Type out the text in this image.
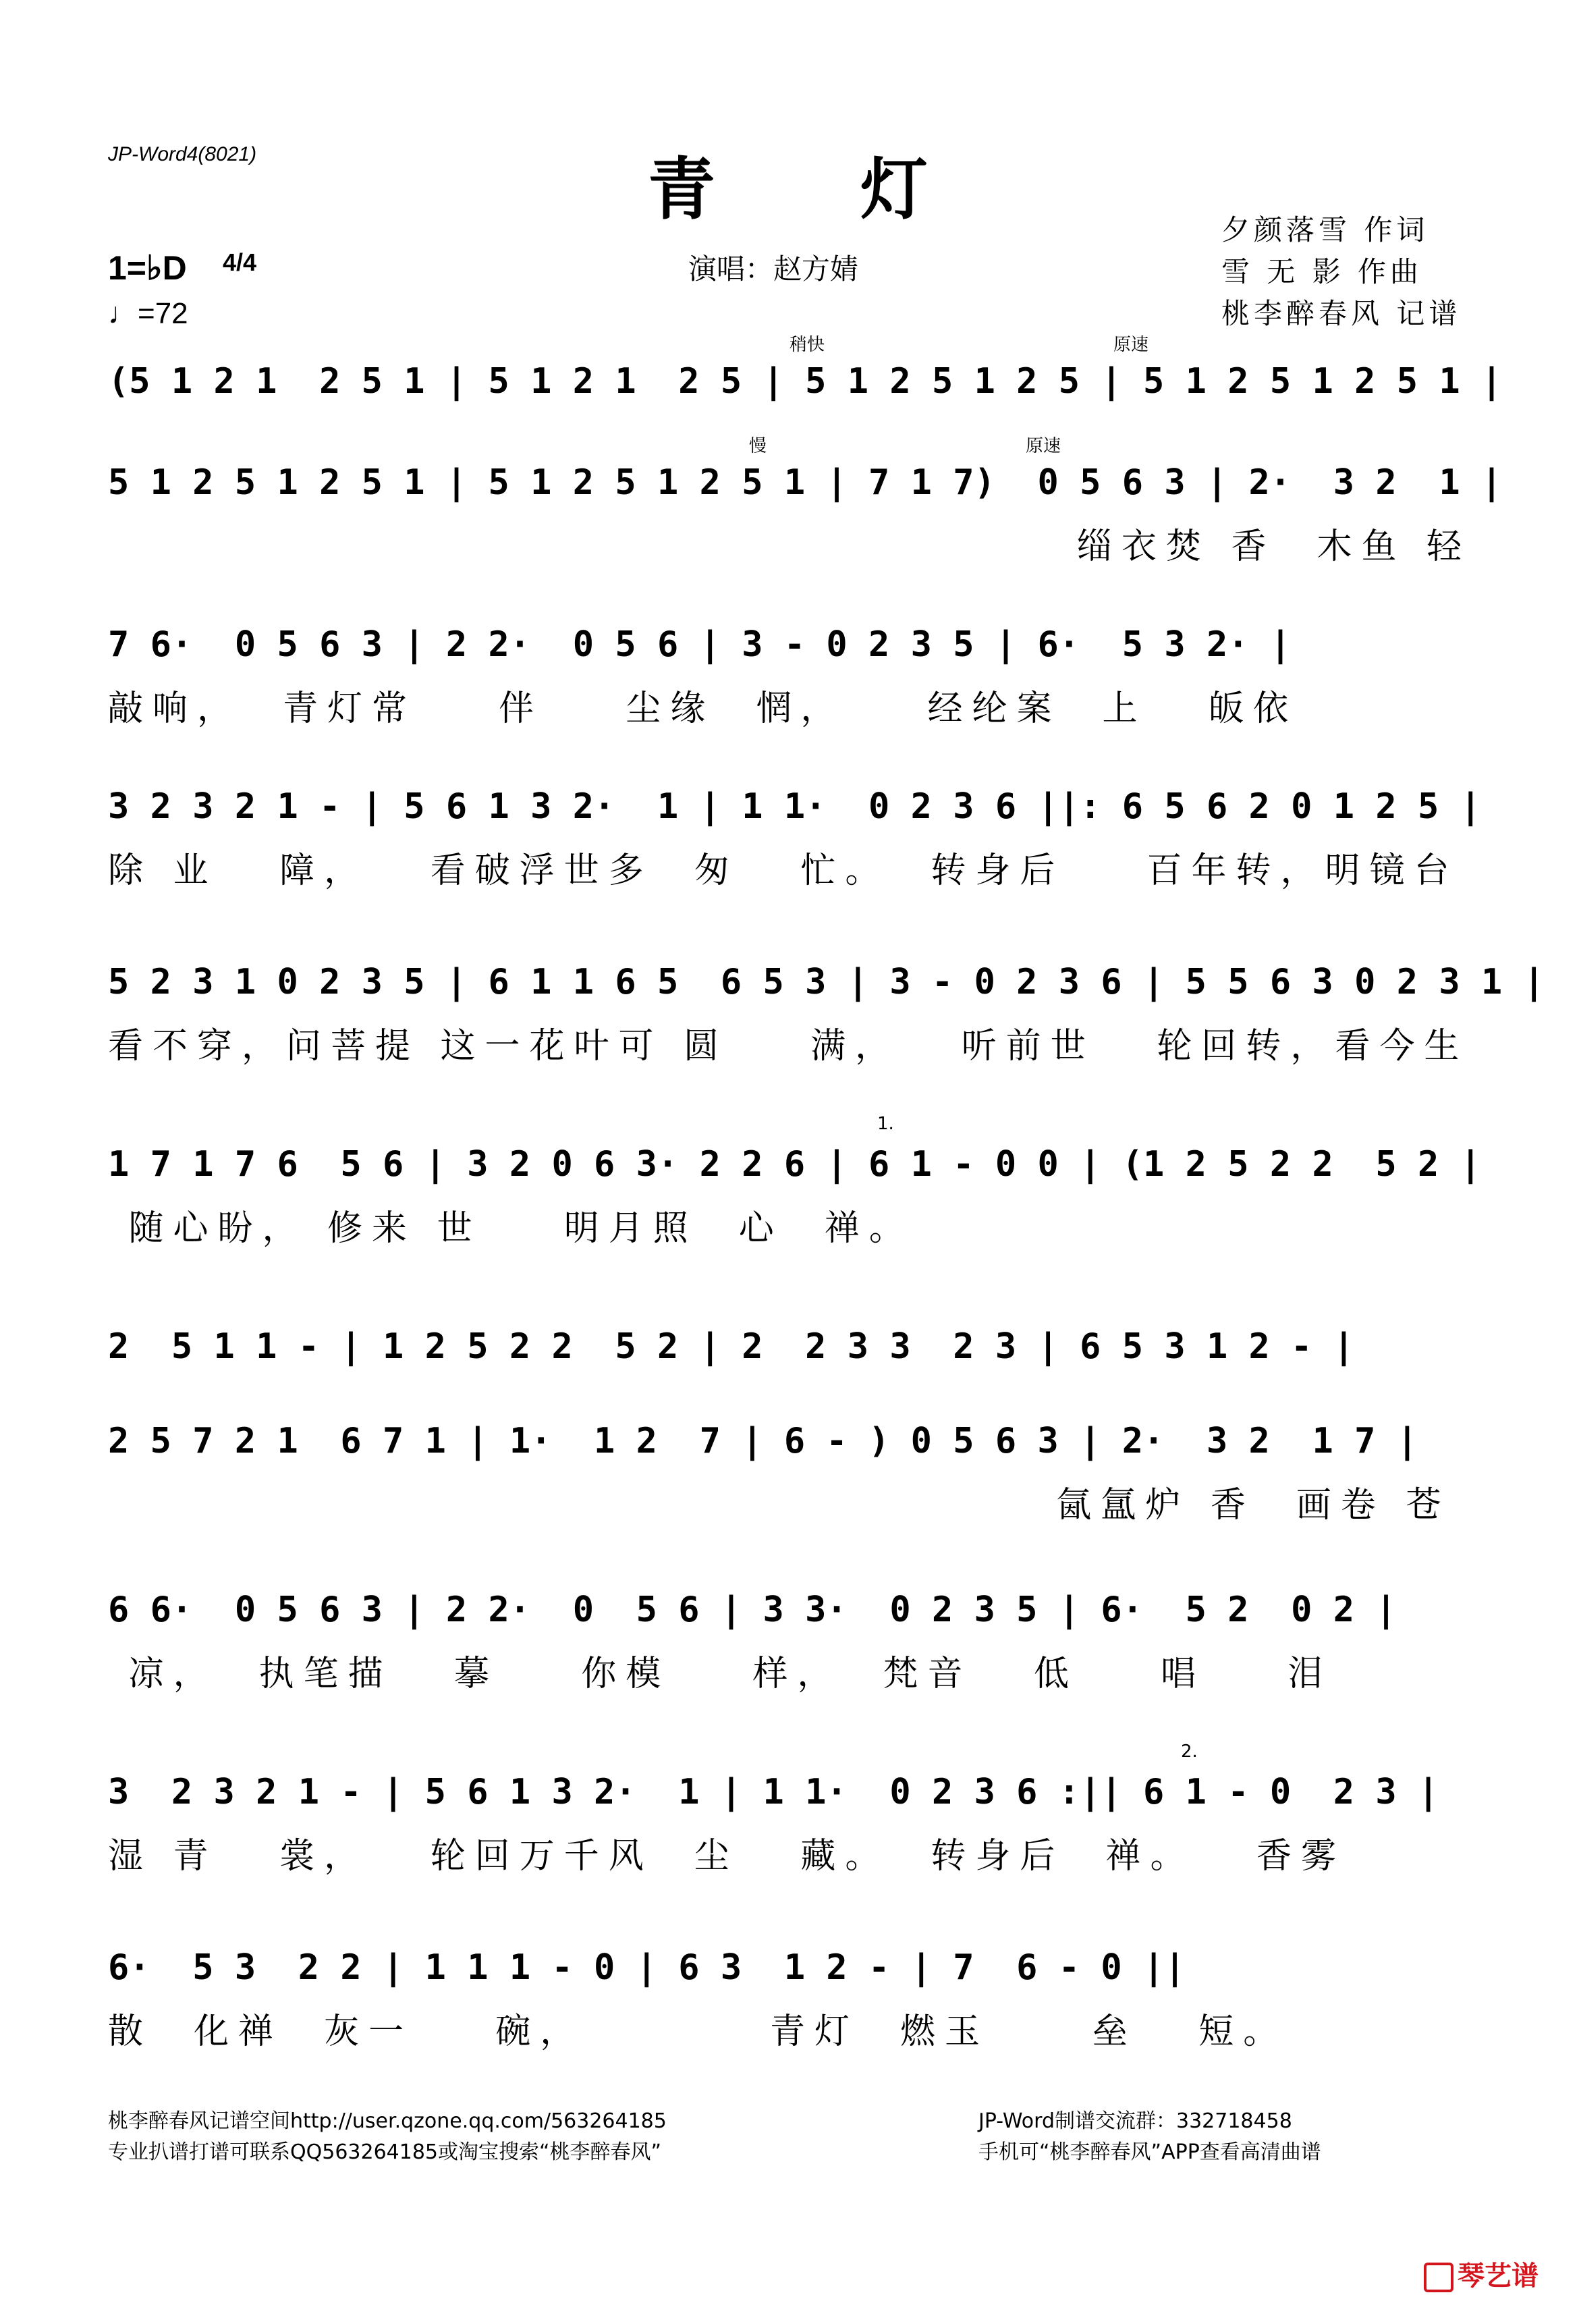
JP-Word4(8021)	青 灯
演唱：赵方婧
1=♭D 4/4
♩=72
夕颜落雪 作词
雪 无 影 作曲
桃李醉春风 记谱
稍快	原速
(5 1 2 1  2 5 1 | 5 1 2 1  2 5 | 5 1 2 5 1 2 5 | 5 1 2 5 1 2 5 1 |
慢	原速
5 1 2 5 1 2 5 1 | 5 1 2 5 1 2 5 1 | 7 1 7)  0 5 6 3 | 2·  3 2  1 |
缁衣焚 香  木鱼 轻
7 6·  0 5 6 3 | 2 2·  0 5 6 | 3 - 0 2 3 5 | 6·  5 3 2· |
敲响，  青灯常    伴    尘缘  惘，    经纶案  上   皈依
3 2 3 2 1 - | 5 6 1 3 2·  1 | 1 1·  0 2 3 6 ||: 6 5 6 2 0 1 2 5 |
除 业   障，   看破浮世多  匆   忙。  转身后    百年转，明镜台
5 2 3 1 0 2 3 5 | 6 1 1 6 5  6 5 3 | 3 - 0 2 3 6 | 5 5 6 3 0 2 3 1 |
看不穿，问菩提 这一花叶可 圆    满，   听前世   轮回转，看今生
1.
1 7 1 7 6  5 6 | 3 2 0 6 3· 2 2 6 | 6 1 - 0 0 | (1 2 5 2 2  5 2 |
随心盼， 修来 世    明月照  心  禅。
2  5 1 1 - | 1 2 5 2 2  5 2 | 2  2 3 3  2 3 | 6 5 3 1 2 - |
2 5 7 2 1  6 7 1 | 1·  1 2  7 | 6 - ) 0 5 6 3 | 2·  3 2  1 7 |
氤氲炉 香  画卷 苍
6 6·  0 5 6 3 | 2 2·  0  5 6 | 3 3·  0 2 3 5 | 6·  5 2  0 2 |
凉，  执笔描   摹    你模    样，  梵音   低    唱    泪
2.
3  2 3 2 1 - | 5 6 1 3 2·  1 | 1 1·  0 2 3 6 :|| 6 1 - 0  2 3 |
湿 青   裳，   轮回万千风  尘   藏。  转身后  禅。   香雾
6·  5 3  2 2 | 1 1 1 - 0 | 6 3  1 2 - | 7  6 - 0 ||
散  化禅  灰一    碗，         青灯  燃玉     垒   短。
桃李醉春风记谱空间http://user.qzone.qq.com/563264185
专业扒谱打谱可联系QQ563264185或淘宝搜索“桃李醉春风”
JP-Word制谱交流群：332718458
手机可“桃李醉春风”APP查看高清曲谱
琴艺谱
